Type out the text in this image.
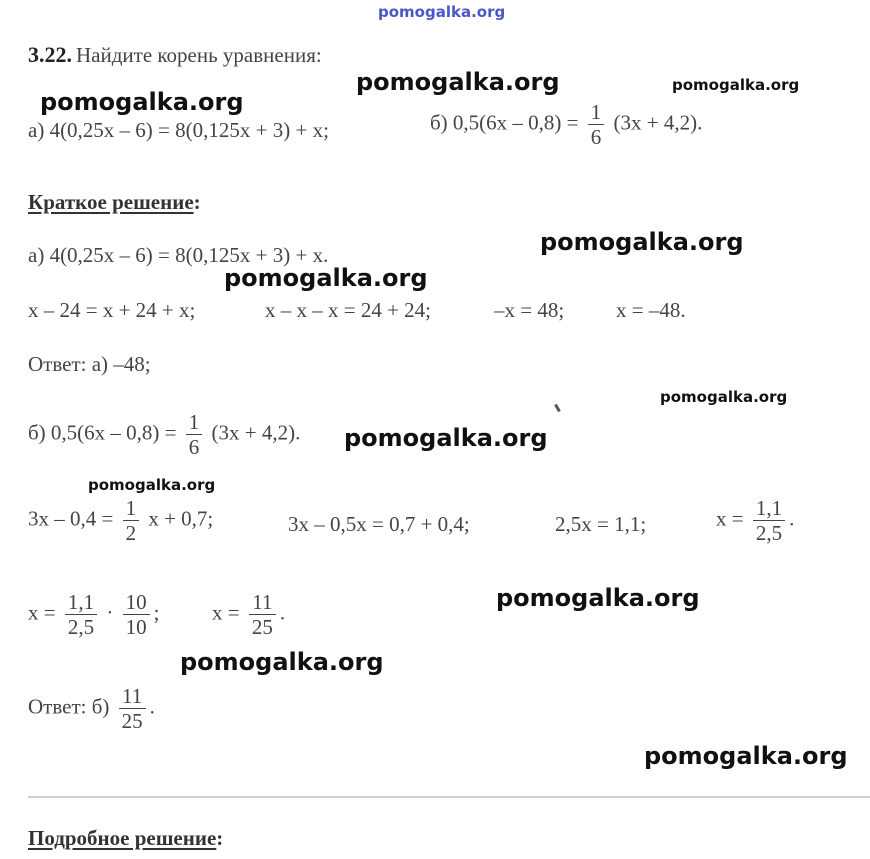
pomogalka.org
pomogalka.org	pomogalka.org
pomogalka.org
pomogalka.org
pomogalka.org
pomogalka.org
pomogalka.org
pomogalka.org
pomogalka.org
pomogalka.org
pomogalka.org
3.22. Найдите корень уравнения:
а) 4(0,25x – 6) = 8(0,125x + 3) + x;	б) $0,5(6x - 0,8) = \frac{1}{6} (3x + 4,2)$.
Краткое решение:
а) 4(0,25x – 6) = 8(0,125x + 3) + x.
x – 24 = x + 24 + x;	x – x – x = 24 + 24;	–x = 48; x = –48.
Ответ: а) –48;
б) $0,5(6x - 0,8) = \frac{1}{6} (3x + 4,2)$.
$3x - 0,4 = \frac{1}{2}$ x + 0,7;	3x – 0,5x = 0,7 + 0,4;	2,5x = 1,1;	$x = \frac{1,1}{2,5}$ .
$x = \frac{1,1}{2,5} \cdot \frac{10}{10}$ ;	$x = \frac{11}{25}$ .
Ответ: $б) \frac{11}{25}$ .
Подробное решение:
